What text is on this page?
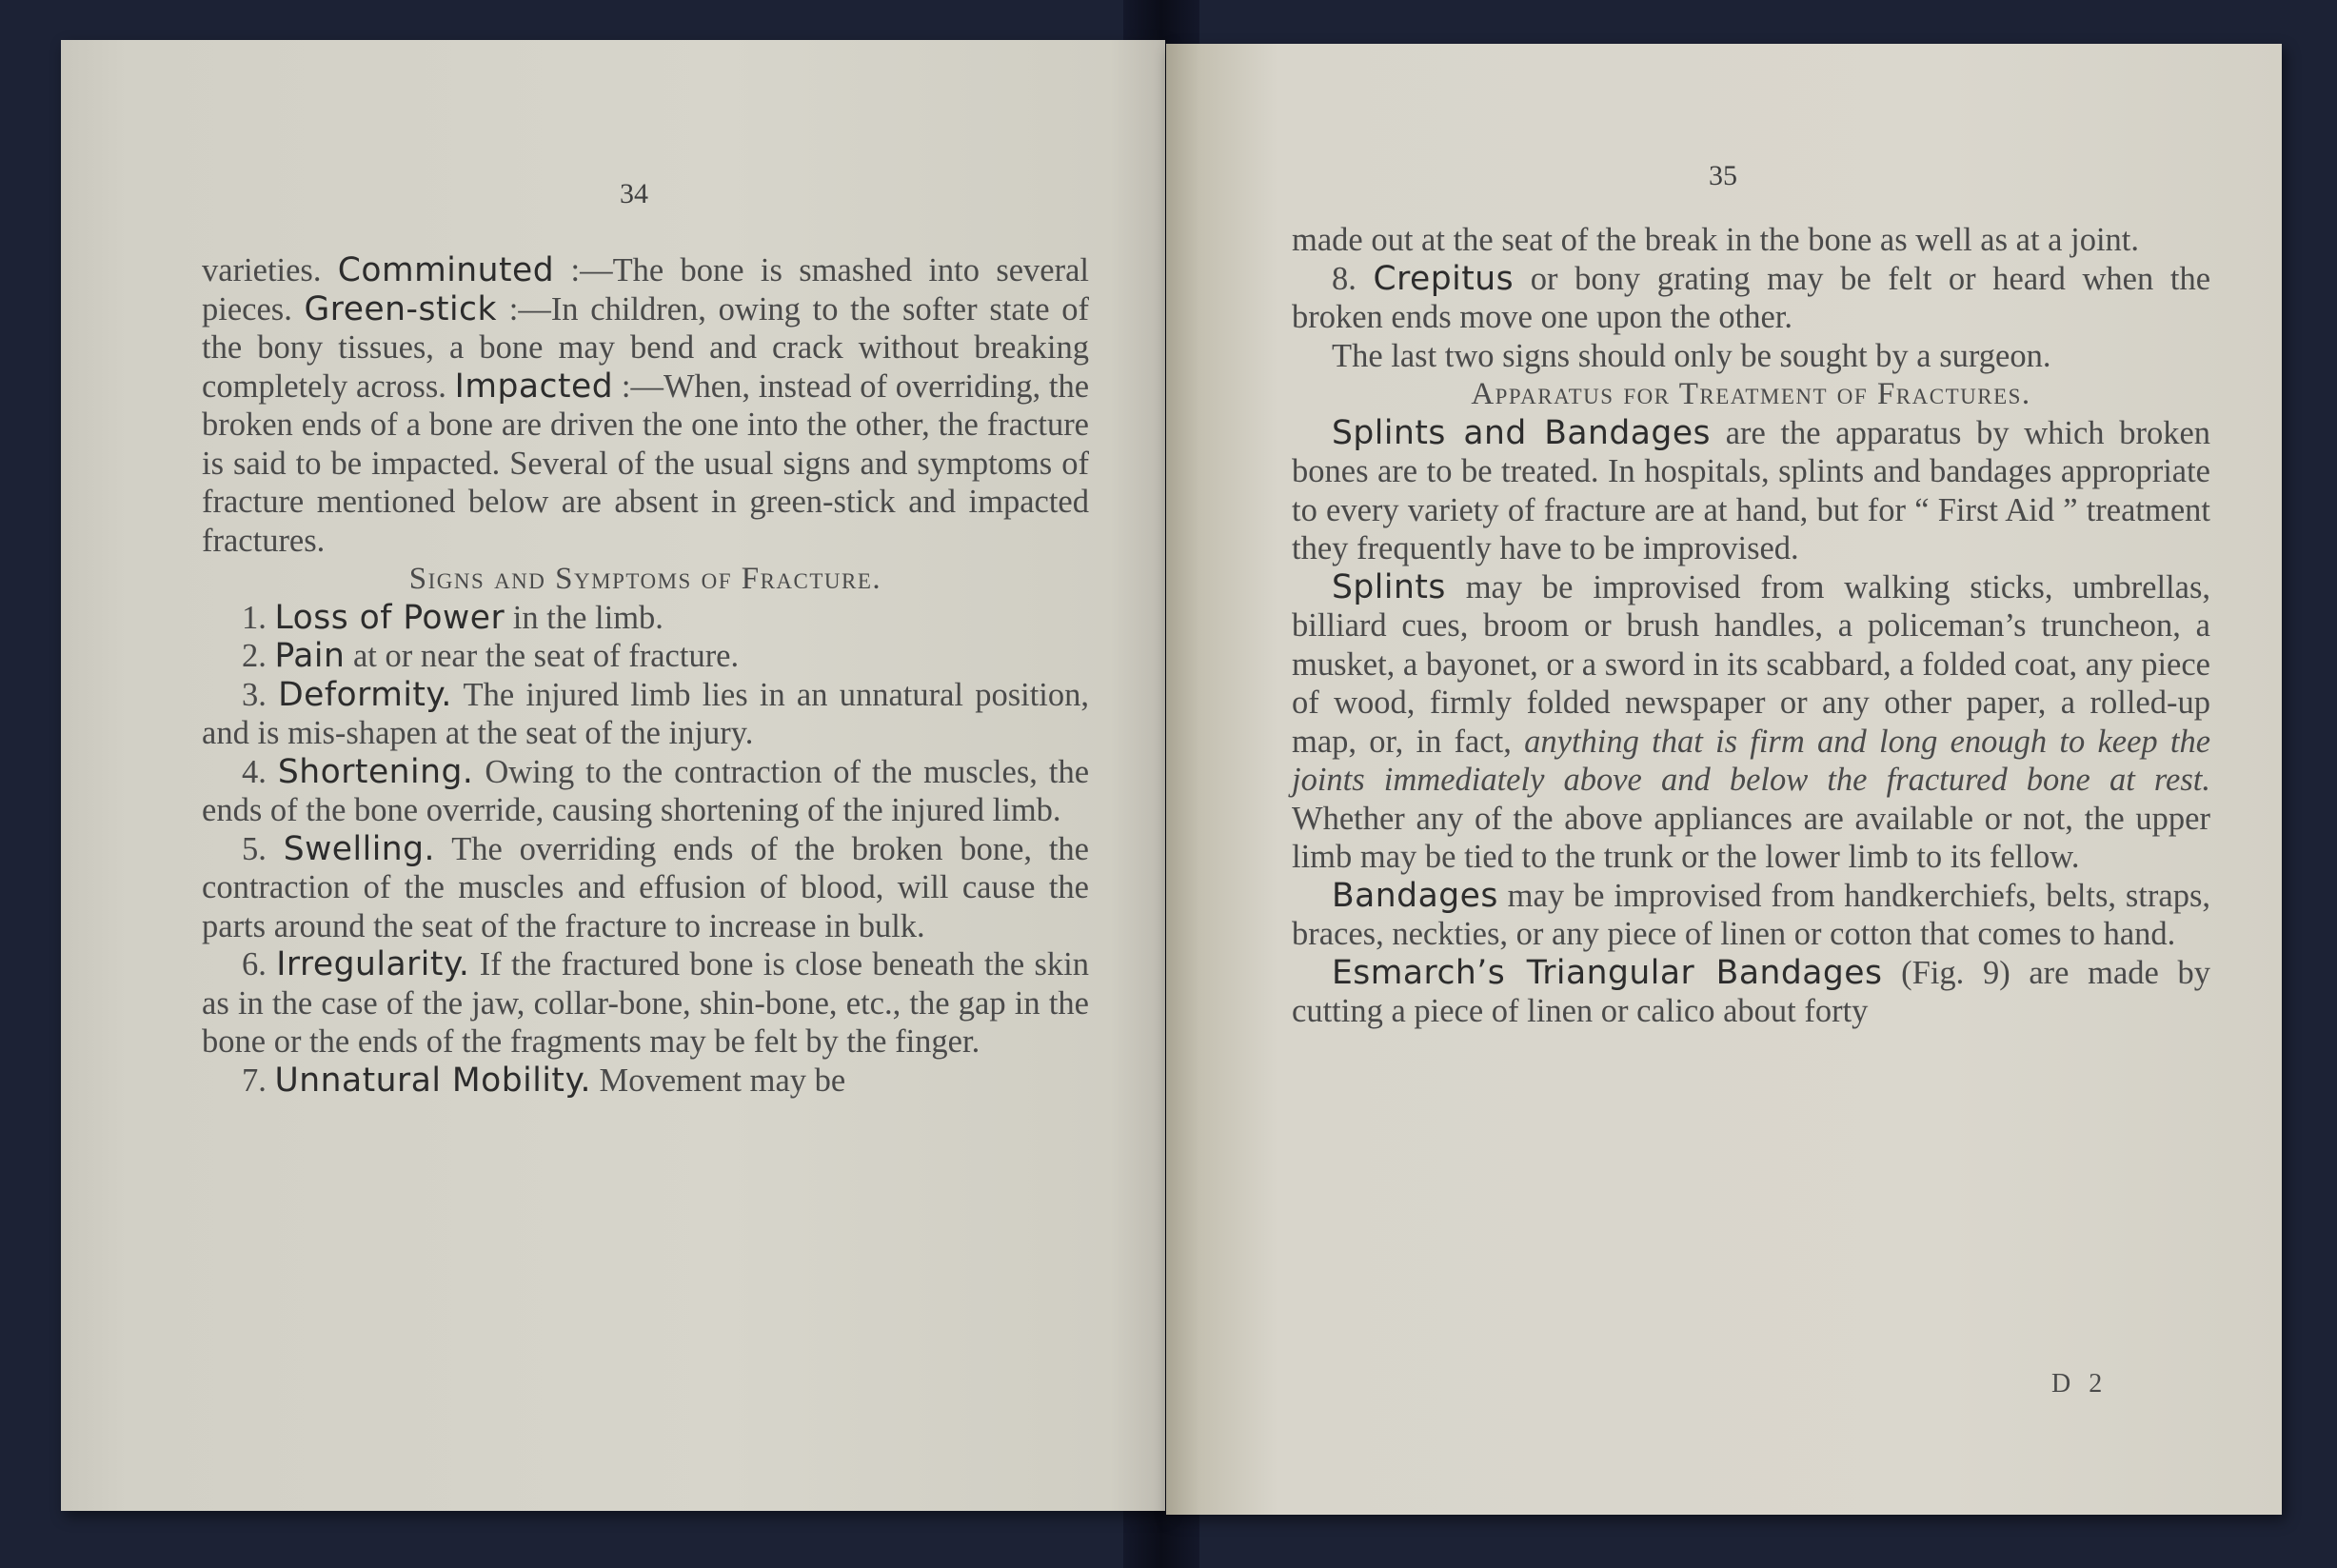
34

varieties. Comminuted :—The bone is smashed into several pieces. Green-stick :—In children, owing to the softer state of the bony tissues, a bone may bend and crack without breaking completely across. Impacted :—When, instead of overriding, the broken ends of a bone are driven the one into the other, the fracture is said to be impacted. Several of the usual signs and symptoms of fracture mentioned below are absent in green-stick and impacted fractures.

Signs and Symptoms of Fracture.

1. Loss of Power in the limb.

2. Pain at or near the seat of fracture.

3. Deformity. The injured limb lies in an unnatural position, and is mis-shapen at the seat of the injury.

4. Shortening. Owing to the contraction of the muscles, the ends of the bone override, causing shortening of the injured limb.

5. Swelling. The overriding ends of the broken bone, the contraction of the muscles and effusion of blood, will cause the parts around the seat of the fracture to increase in bulk.

6. Irregularity. If the fractured bone is close beneath the skin as in the case of the jaw, collar-bone, shin-bone, etc., the gap in the bone or the ends of the fragments may be felt by the finger.

7. Unnatural Mobility. Movement may be

35

made out at the seat of the break in the bone as well as at a joint.

8. Crepitus or bony grating may be felt or heard when the broken ends move one upon the other.

The last two signs should only be sought by a surgeon.

Apparatus for Treatment of Fractures.

Splints and Bandages are the apparatus by which broken bones are to be treated. In hospitals, splints and bandages appropriate to every variety of fracture are at hand, but for “ First Aid ” treatment they frequently have to be improvised.

Splints may be improvised from walking sticks, umbrellas, billiard cues, broom or brush handles, a policeman’s truncheon, a musket, a bayonet, or a sword in its scabbard, a folded coat, any piece of wood, firmly folded newspaper or any other paper, a rolled-up map, or, in fact, anything that is firm and long enough to keep the joints immediately above and below the fractured bone at rest. Whether any of the above appliances are available or not, the upper limb may be tied to the trunk or the lower limb to its fellow.

Bandages may be improvised from handkerchiefs, belts, straps, braces, neckties, or any piece of linen or cotton that comes to hand.

Esmarch’s Triangular Bandages (Fig. 9) are made by cutting a piece of linen or calico about forty

D 2
